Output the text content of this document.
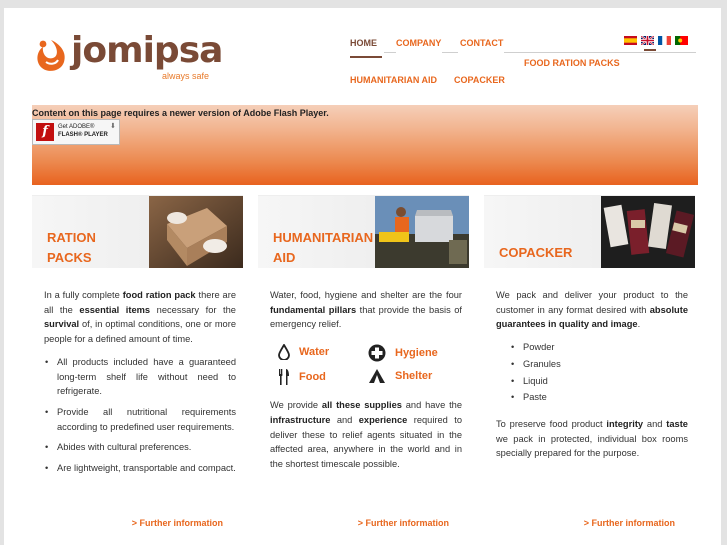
jomipsa
always safe
HOME COMPANY CONTACT
FOOD RATION PACKS
HUMANITARIAN AID COPACKER
Content on this page requires a newer version of Adobe Flash Player.
f	Get ADOBE®
FLASH® PLAYER
⬇
RATION
PACKS

In a fully complete food ration pack there are all the essential items necessary for the survival of, in optimal conditions, one or more people for a defined amount of time.

• All products included have a guaranteed long-term shelf life without need to refrigerate.
• Provide all nutritional requirements according to predefined user requirements.
• Abides with cultural preferences.
• Are lightweight, transportable and compact.
> Further information
HUMANITARIAN
AID

Water, food, hygiene and shelter are the four fundamental pillars that provide the basis of emergency relief.

Water	Hygiene
Food	Shelter

We provide all these supplies and have the infrastructure and experience required to deliver these to relief agents situated in the affected area, anywhere in the world and in the shortest timescale possible.

> Further information
COPACKER

We pack and deliver your product to the customer in any format desired with absolute guarantees in quality and image.

• Powder
• Granules
• Liquid
• Paste

To preserve food product integrity and taste we pack in protected, individual box rooms specially prepared for the purpose.

> Further information
